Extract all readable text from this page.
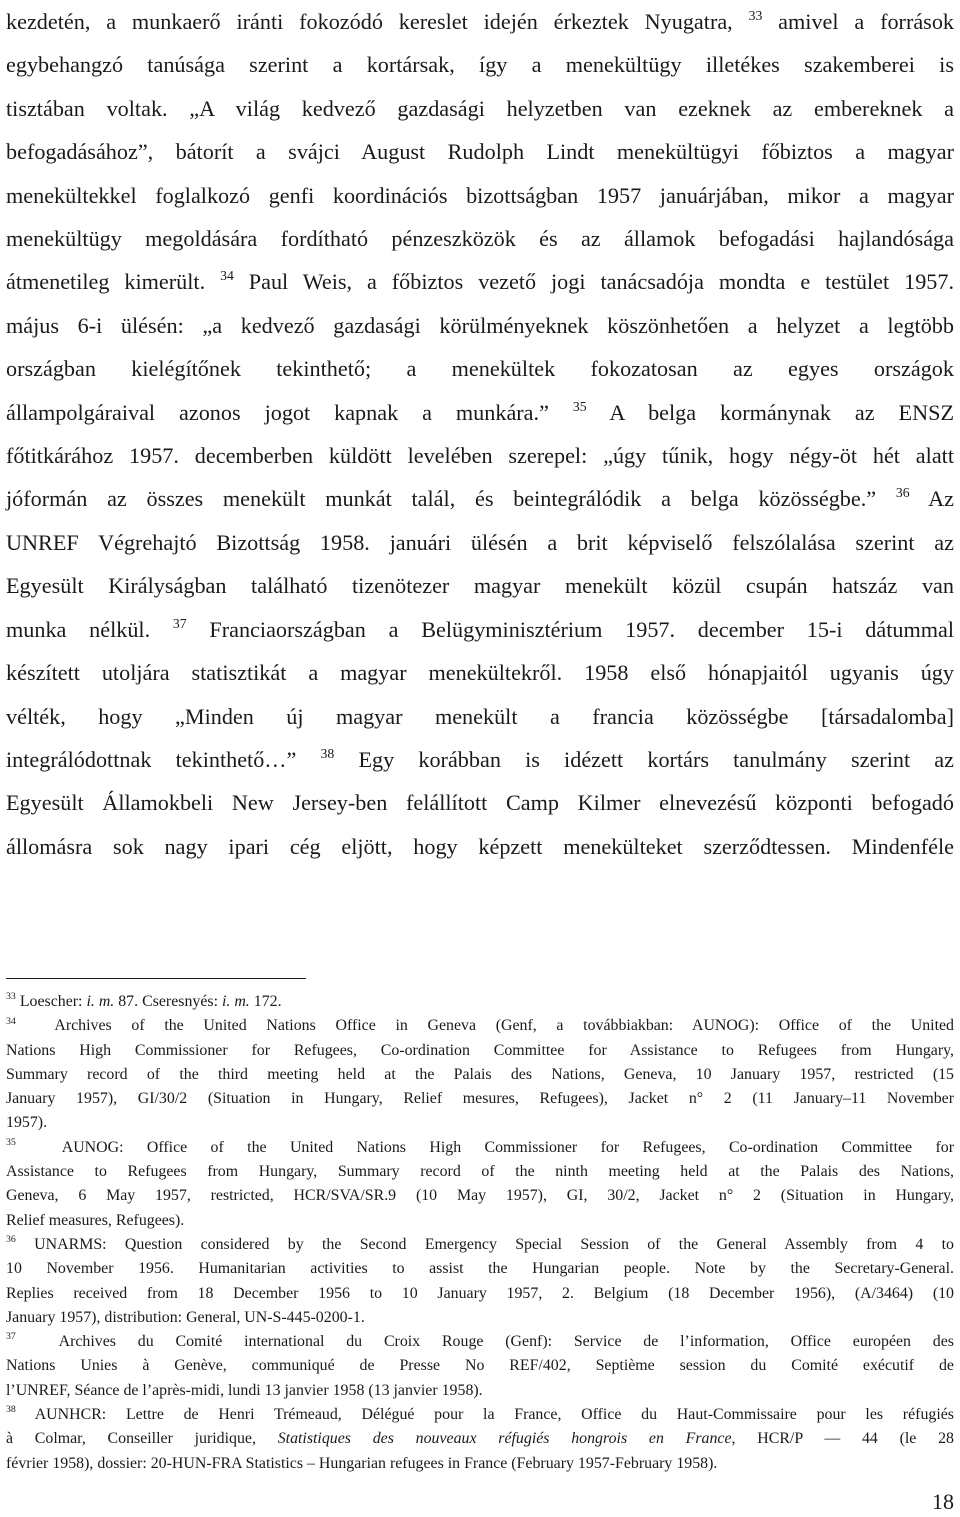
kezdetén, a munkaerő iránti fokozódó kereslet idején érkeztek Nyugatra, $^{33}$ amivel a források
egybehangzó tanúsága szerint a kortársak, így a menekültügy illetékes szakemberei is
tisztában voltak. „A világ kedvező gazdasági helyzetben van ezeknek az embereknek a
befogadásához”, bátorít a svájci August Rudolph Lindt menekültügyi főbiztos a magyar
menekültekkel foglalkozó genfi koordinációs bizottságban 1957 januárjában, mikor a magyar
menekültügy megoldására fordítható pénzeszközök és az államok befogadási hajlandósága
átmenetileg kimerült. $^{34}$ Paul Weis, a főbiztos vezető jogi tanácsadója mondta e testület 1957.
május 6-i ülésén: „a kedvező gazdasági körülményeknek köszönhetően a helyzet a legtöbb
országban kielégítőnek tekinthető; a menekültek fokozatosan az egyes országok
állampolgáraival azonos jogot kapnak a munkára.” $^{35}$ A belga kormánynak az ENSZ
főtitkárához 1957. decemberben küldött levelében szerepel: „úgy tűnik, hogy négy-öt hét alatt
jóformán az összes menekült munkát talál, és beintegrálódik a belga közösségbe.” $^{36}$ Az
UNREF Végrehajtó Bizottság 1958. januári ülésén a brit képviselő felszólalása szerint az
Egyesült Királyságban található tizenötezer magyar menekült közül csupán hatszáz van
munka nélkül. $^{37}$ Franciaországban a Belügyminisztérium 1957. december 15-i dátummal
készített utoljára statisztikát a magyar menekültekről. 1958 első hónapjaitól ugyanis úgy
vélték, hogy „Minden új magyar menekült a francia közösségbe [társadalomba]
integrálódottnak tekinthető…” $^{38}$ Egy korábban is idézett kortárs tanulmány szerint az
Egyesült Államokbeli New Jersey-ben felállított Camp Kilmer elnevezésű központi befogadó
állomásra sok nagy ipari cég eljött, hogy képzett menekülteket szerződtessen. Mindenféle
$^{33}$ Loescher: i. m. 87. Cseresnyés: i. m. 172.
$^{34}$ Archives of the United Nations Office in Geneva (Genf, a továbbiakban: AUNOG): Office of the United
Nations High Commissioner for Refugees, Co-ordination Committee for Assistance to Refugees from Hungary,
Summary record of the third meeting held at the Palais des Nations, Geneva, 10 January 1957, restricted (15
January 1957), GI/30/2 (Situation in Hungary, Relief mesures, Refugees), Jacket n° 2 (11 January–11 November
1957).
$^{35}$	AUNOG: Office of the United Nations High Commissioner for Refugees, Co-ordination Committee for
Assistance to Refugees from Hungary, Summary record of the ninth meeting held at the Palais des Nations,
Geneva, 6 May 1957, restricted, HCR/SVA/SR.9 (10 May 1957), GI, 30/2, Jacket n° 2 (Situation in Hungary,
Relief measures, Refugees).
$^{36}$ UNARMS: Question considered by the Second Emergency Special Session of the General Assembly from 4 to
10 November 1956. Humanitarian activities to assist the Hungarian people. Note by the Secretary-General.
Replies received from 18 December 1956 to 10 January 1957, 2. Belgium (18 December 1956), (A/3464) (10
January 1957), distribution: General, UN-S-445-0200-1.
$^{37}$	Archives du Comité international du Croix Rouge (Genf): Service de l’information, Office européen des
Nations Unies à Genève, communiqué de Presse No REF/402, Septième session du Comité exécutif de
l’UNREF, Séance de l’après-midi, lundi 13 janvier 1958 (13 janvier 1958).
$^{38}$ AUNHCR: Lettre de Henri Trémeaud, Délégué pour la France, Office du Haut-Commissaire pour les réfugiés
à Colmar, Conseiller juridique, Statistiques des nouveaux réfugiés hongrois en France, HCR/P — 44 (le 28
février 1958), dossier: 20-HUN-FRA Statistics – Hungarian refugees in France (February 1957-February 1958).
18
